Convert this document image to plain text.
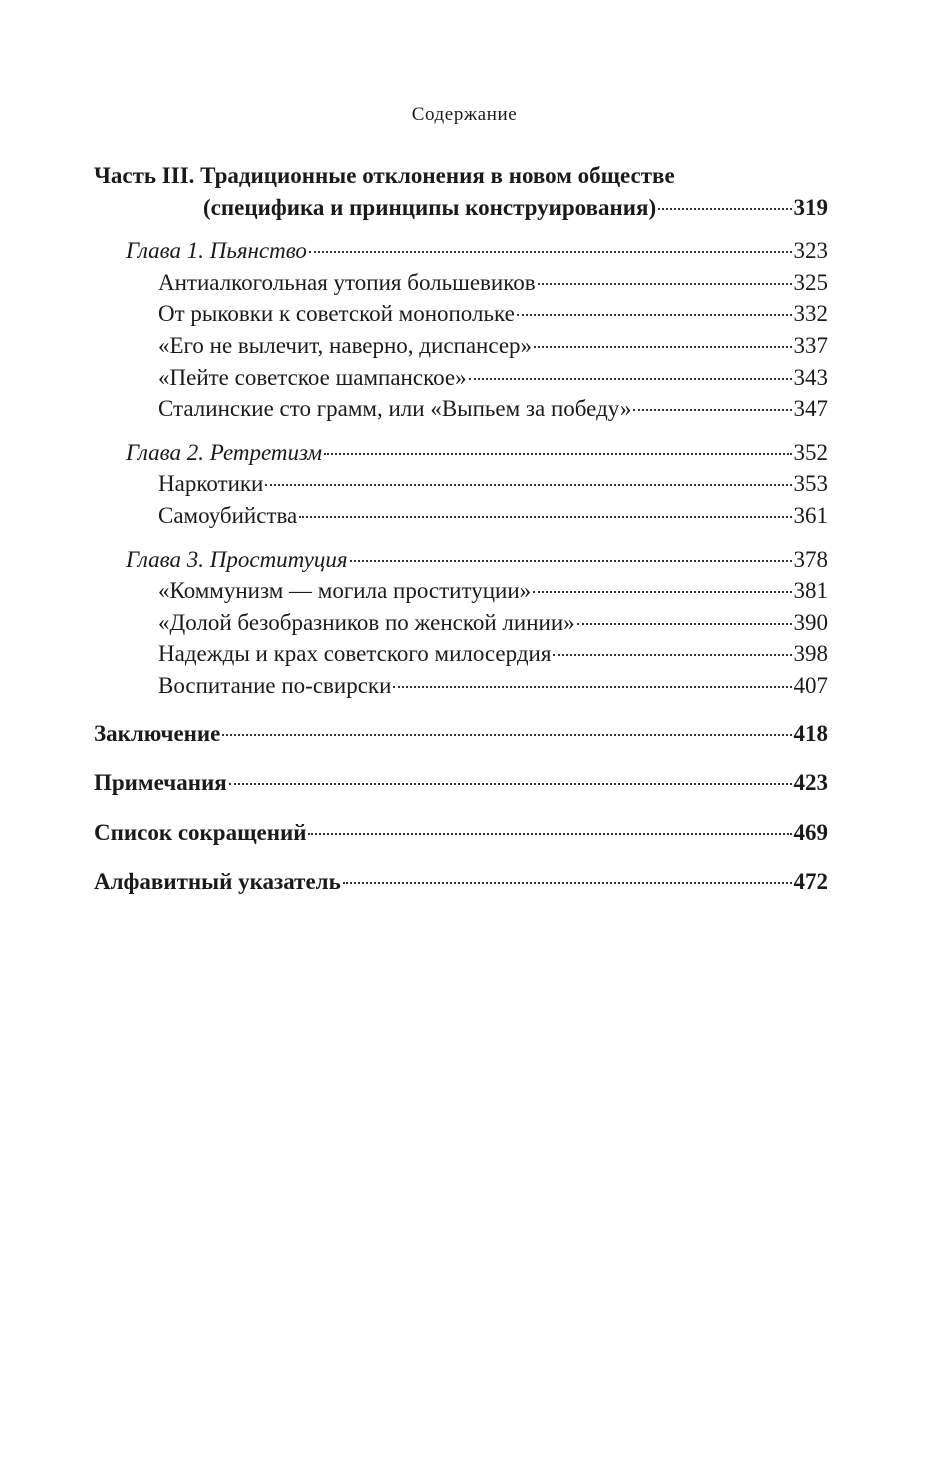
Содержание
Часть III. Традиционные отклонения в новом обществе
(специфика и принципы конструирования)	319
Глава 1. Пьянство	323
Антиалкогольная утопия большевиков	325
От рыковки к советской монопольке	332
«Его не вылечит, наверно, диспансер»	337
«Пейте советское шампанское»	343
Сталинские сто грамм, или «Выпьем за победу»	347
Глава 2. Ретретизм	352
Наркотики	353
Самоубийства	361
Глава 3. Проституция	378
«Коммунизм — могила проституции»	381
«Долой безобразников по женской линии»	390
Надежды и крах советского милосердия	398
Воспитание по-свирски	407
Заключение	418
Примечания	423
Список сокращений	469
Алфавитный указатель	472
